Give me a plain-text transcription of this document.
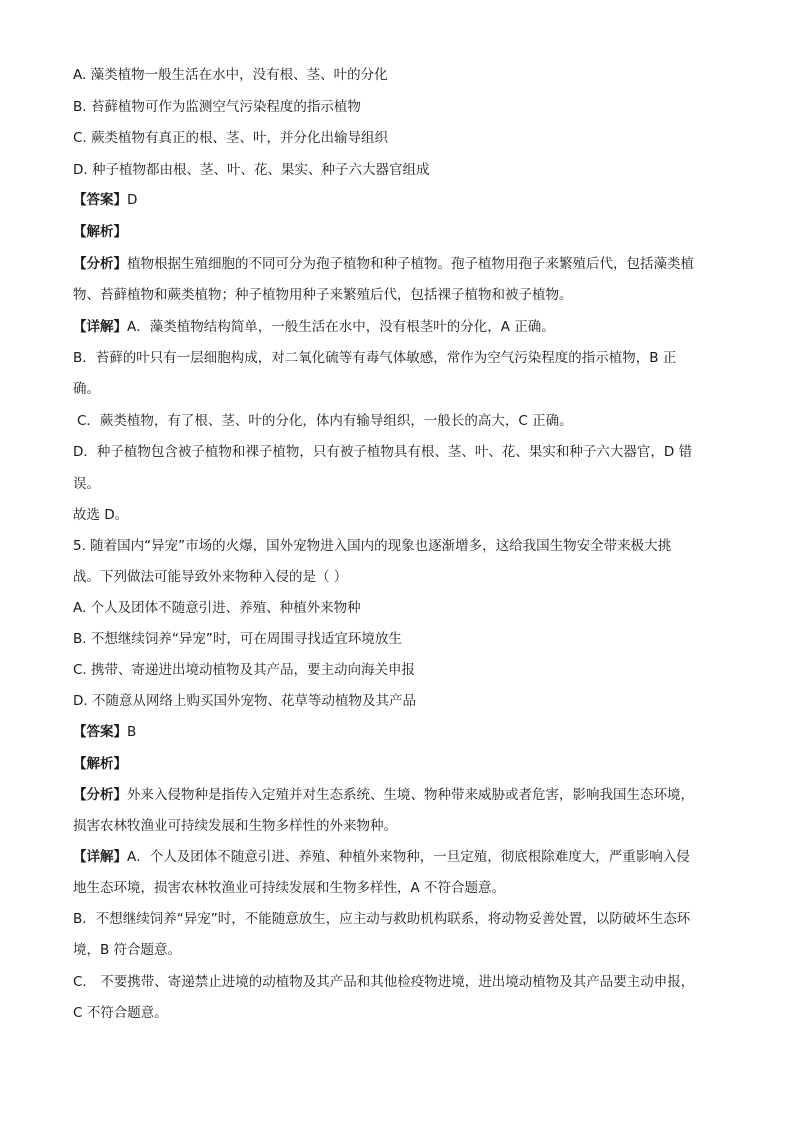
A. 藻类植物一般生活在水中，没有根、茎、叶的分化
B. 苔藓植物可作为监测空气污染程度的指示植物
C. 蕨类植物有真正的根、茎、叶，并分化出输导组织
D. 种子植物都由根、茎、叶、花、果实、种子六大器官组成
【答案】D
【解析】
【分析】植物根据生殖细胞的不同可分为孢子植物和种子植物。孢子植物用孢子来繁殖后代，包括藻类植
物、苔藓植物和蕨类植物；种子植物用种子来繁殖后代，包括裸子植物和被子植物。
【详解】A．藻类植物结构简单，一般生活在水中，没有根茎叶的分化，A 正确。
B．苔藓的叶只有一层细胞构成，对二氧化硫等有毒气体敏感，常作为空气污染程度的指示植物，B 正
确。
C．蕨类植物，有了根、茎、叶的分化，体内有输导组织，一般长的高大，C 正确。
D．种子植物包含被子植物和裸子植物，只有被子植物具有根、茎、叶、花、果实和种子六大器官，D 错
误。
故选 D。
5. 随着国内“异宠”市场的火爆，国外宠物进入国内的现象也逐渐增多，这给我国生物安全带来极大挑
战。下列做法可能导致外来物种入侵的是（ ）
A. 个人及团体不随意引进、养殖、种植外来物种
B. 不想继续饲养“异宠”时，可在周围寻找适宜环境放生
C. 携带、寄递进出境动植物及其产品，要主动向海关申报
D. 不随意从网络上购买国外宠物、花草等动植物及其产品
【答案】B
【解析】
【分析】外来入侵物种是指传入定殖并对生态系统、生境、物种带来威胁或者危害，影响我国生态环境，
损害农林牧渔业可持续发展和生物多样性的外来物种。
【详解】A．个人及团体不随意引进、养殖、种植外来物种，一旦定殖，彻底根除难度大，严重影响入侵
地生态环境，损害农林牧渔业可持续发展和生物多样性，A 不符合题意。
B．不想继续饲养“异宠”时，不能随意放生，应主动与救助机构联系，将动物妥善处置，以防破坏生态环
境，B 符合题意。
C． 不要携带、寄递禁止进境的动植物及其产品和其他检疫物进境，进出境动植物及其产品要主动申报，
C 不符合题意。
